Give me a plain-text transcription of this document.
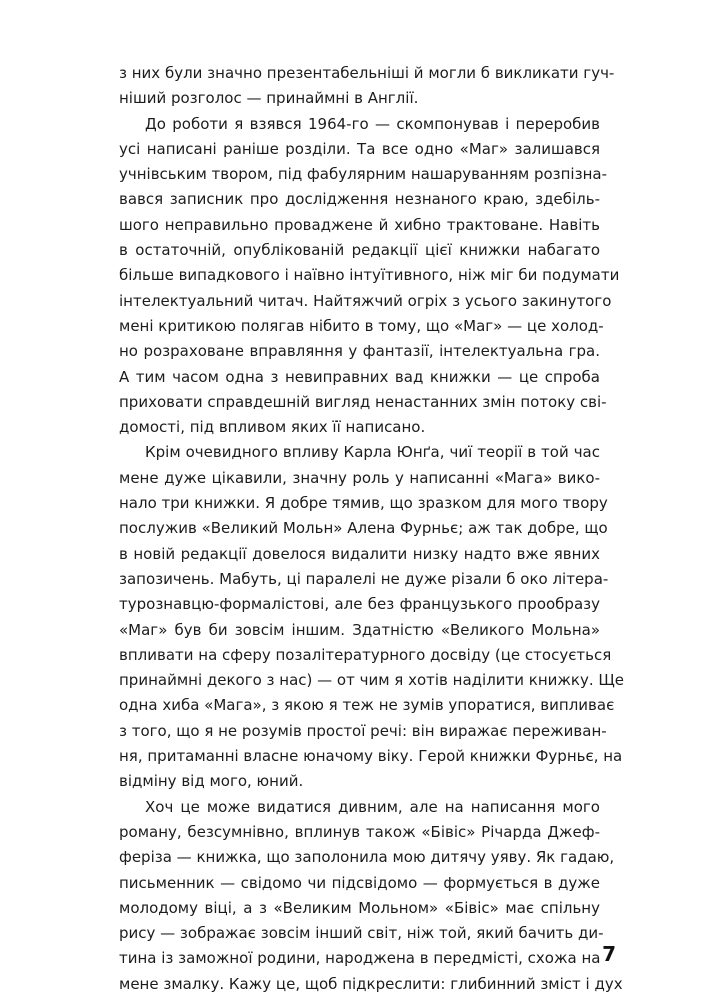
з них були значно презентабельніші й могли б викликати гуч-
ніший розголос — принаймні в Англії.
До роботи я взявся 1964-го — скомпонував і переробив
усі написані раніше розділи. Та все одно «Маг» залишався
учнівським твором, під фабулярним нашаруванням розпізна-
вався записник про дослідження незнаного краю, здебіль-
шого неправильно проваджене й хибно трактоване. Навіть
в остаточній, опублікованій редакції цієї книжки набагато
більше випадкового і наївно інтуїтивного, ніж міг би подумати
інтелектуальний читач. Найтяжчий огріх з усього закинутого
мені критикою полягав нібито в тому, що «Маг» — це холод-
но розраховане вправляння у фантазії, інтелектуальна гра.
А тим часом одна з невиправних вад книжки — це спроба
приховати справдешній вигляд ненастанних змін потоку сві-
домості, під впливом яких її написано.
Крім очевидного впливу Карла Юнґа, чиї теорії в той час
мене дуже цікавили, значну роль у написанні «Мага» вико-
нало три книжки. Я добре тямив, що зразком для мого твору
послужив «Великий Мольн» Алена Фурньє; аж так добре, що
в новій редакції довелося видалити низку надто вже явних
запозичень. Мабуть, ці паралелі не дуже різали б око літера-
турознавцю-формалістові, але без французького прообразу
«Маг» був би зовсім іншим. Здатністю «Великого Мольна»
впливати на сферу позалітературного досвіду (це стосується
принаймні декого з нас) — от чим я хотів наділити книжку. Ще
одна хиба «Мага», з якою я теж не зумів упоратися, випливає
з того, що я не розумів простої речі: він виражає переживан-
ня, притаманні власне юначому віку. Герой книжки Фурньє, на
відміну від мого, юний.
Хоч це може видатися дивним, але на написання мого
роману, безсумнівно, вплинув також «Бівіс» Річарда Джеф-
феріза — книжка, що заполонила мою дитячу уяву. Як гадаю,
письменник — свідомо чи підсвідомо — формується в дуже
молодому віці, а з «Великим Мольном» «Бівіс» має спільну
рису — зображає зовсім інший світ, ніж той, який бачить ди-
тина із заможної родини, народжена в передмісті, схожа на
мене змалку. Кажу це, щоб підкреслити: глибинний зміст і дух
7
